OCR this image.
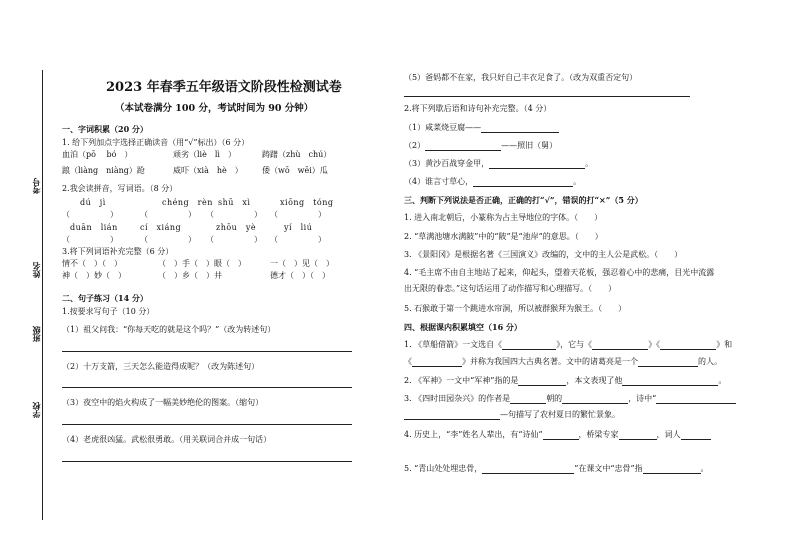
考号
姓名
班级
学校
2023 年春季五年级语文阶段性检测试卷
（本试卷满分 100 分，考试时间为 90 分钟）
一、字词积累（20 分）
1. 给下列加点字选择正确读音（用“√”标出）（6 分）
血泊（pō　 bó　）	顽劣（liè　lì　）	踌躇（zhù　chú）
踉（liàng　niàng）跄	威吓（xià　hè　） 倭（wō　wēi）瓜
2.我会读拼音，写词语。（8 分）
dú　jì	chéng　rèn shū　xì	xiōng　tóng
（　　　　　）	（　　　　　） （　　　　　） （　　　　　）
duān　lián	cí　xiáng	zhōu　yè	yí　liú
（　　　　　）	（　　　　　） （　　　　　） （　　　　　）
3.将下列词语补充完整（6 分）
情不（　）（　）	（　）手（　）眼（　）	一（　）见（　）
神（　）妙（　）	（　）乡（　）井	德才（　）（　）
二、句子练习（14 分）
1.按要求写句子（10 分）
（1）祖父问我：“你每天吃的就是这个吗？”（改为转述句）
（2）十万支箭，三天怎么能造得成呢？（改为陈述句）
（3）夜空中的焰火构成了一幅美妙绝伦的图案。（缩句）
（4）老虎很凶猛。武松很勇敢。（用关联词合并成一句话）
（5）爸妈都不在家，我只好自己丰衣足食了。（改为双重否定句）
2.将下列歇后语和诗句补充完整。（4 分）
（1）咸菜烧豆腐——
（2）	——照旧（舅）
（3）黄沙百战穿金甲，	。
（4）谁言寸草心，	。
三、判断下列说法是否正确，正确的打“√”，错误的打“×”（5 分）
1. 进入南北朝后，小篆称为占主导地位的字体。（　　）
2. “草满池塘水满陂”中的“陂”是“池岸”的意思。（　　）
3. 《景阳冈》是根据名著《三国演义》改编的，文中的主人公是武松。（　　）
4. “毛主席不由自主地站了起来，仰起头，望着天花板，强忍着心中的悲痛，目光中流露
出无限的眷恋。”这句话运用了动作描写和心理描写。（　　）
5. 石猴敢于第一个跳进水帘洞，所以被群猴拜为猴王。（　　）
四、根据课内积累填空（16 分）
1. 《草船借箭》一文选自《	》，它与《	》《	》和
《	》并称为我国四大古典名著。文中的诸葛亮是一个	的人。
2. 《军神》一文中“军神”指的是	，本文表现了他	。
3. 《四时田园杂兴》的作者是	朝的	，诗中“
—句描写了农村夏日的繁忙景象。
4. 历史上，“李”姓名人辈出，有“诗仙”	，桥梁专家	，词人
5. “青山处处埋忠骨，	”在课文中“忠骨”指	。
